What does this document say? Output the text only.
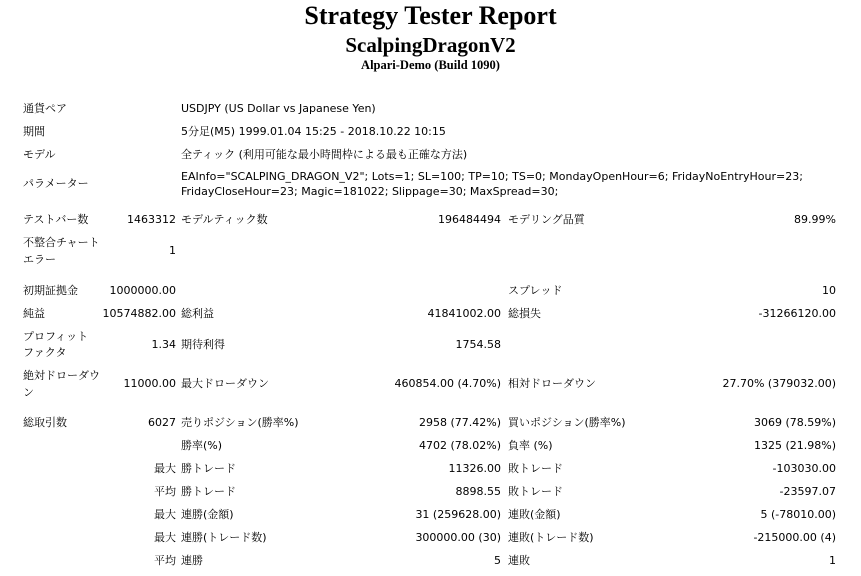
Strategy Tester Report
ScalpingDragonV2
Alpari-Demo (Build 1090)
通貨ペア	USDJPY (US Dollar vs Japanese Yen)
期間	5分足(M5) 1999.01.04 15:25 - 2018.10.22 10:15
モデル	全ティック (利用可能な最小時間枠による最も正確な方法)
パラメーター
EAInfo="SCALPING_DRAGON_V2"; Lots=1; SL=100; TP=10; TS=0; MondayOpenHour=6; FridayNoEntryHour=23;
FridayCloseHour=23; Magic=181022; Slippage=30; MaxSpread=30;
テストバー数	1463312 モデルティック数	196484494 モデリング品質	89.99%
不整合チャート
エラー
1
初期証拠金	1000000.00	スプレッド	10
純益	10574882.00 総利益	41841002.00 総損失	-31266120.00
プロフィット
ファクタ
1.34 期待利得	1754.58
絶対ドローダウ
ン
11000.00 最大ドローダウン	460854.00 (4.70%) 相対ドローダウン	27.70% (379032.00)
総取引数	6027 売りポジション(勝率%)	2958 (77.42%) 買いポジション(勝率%)	3069 (78.59%)
勝率(%)	4702 (78.02%) 負率 (%)	1325 (21.98%)
最大 勝トレード	11326.00 敗トレード	-103030.00
平均 勝トレード	8898.55 敗トレード	-23597.07
最大 連勝(金額)	31 (259628.00) 連敗(金額)	5 (-78010.00)
最大 連勝(トレード数)	300000.00 (30) 連敗(トレード数)	-215000.00 (4)
平均 連勝	5 連敗	1
